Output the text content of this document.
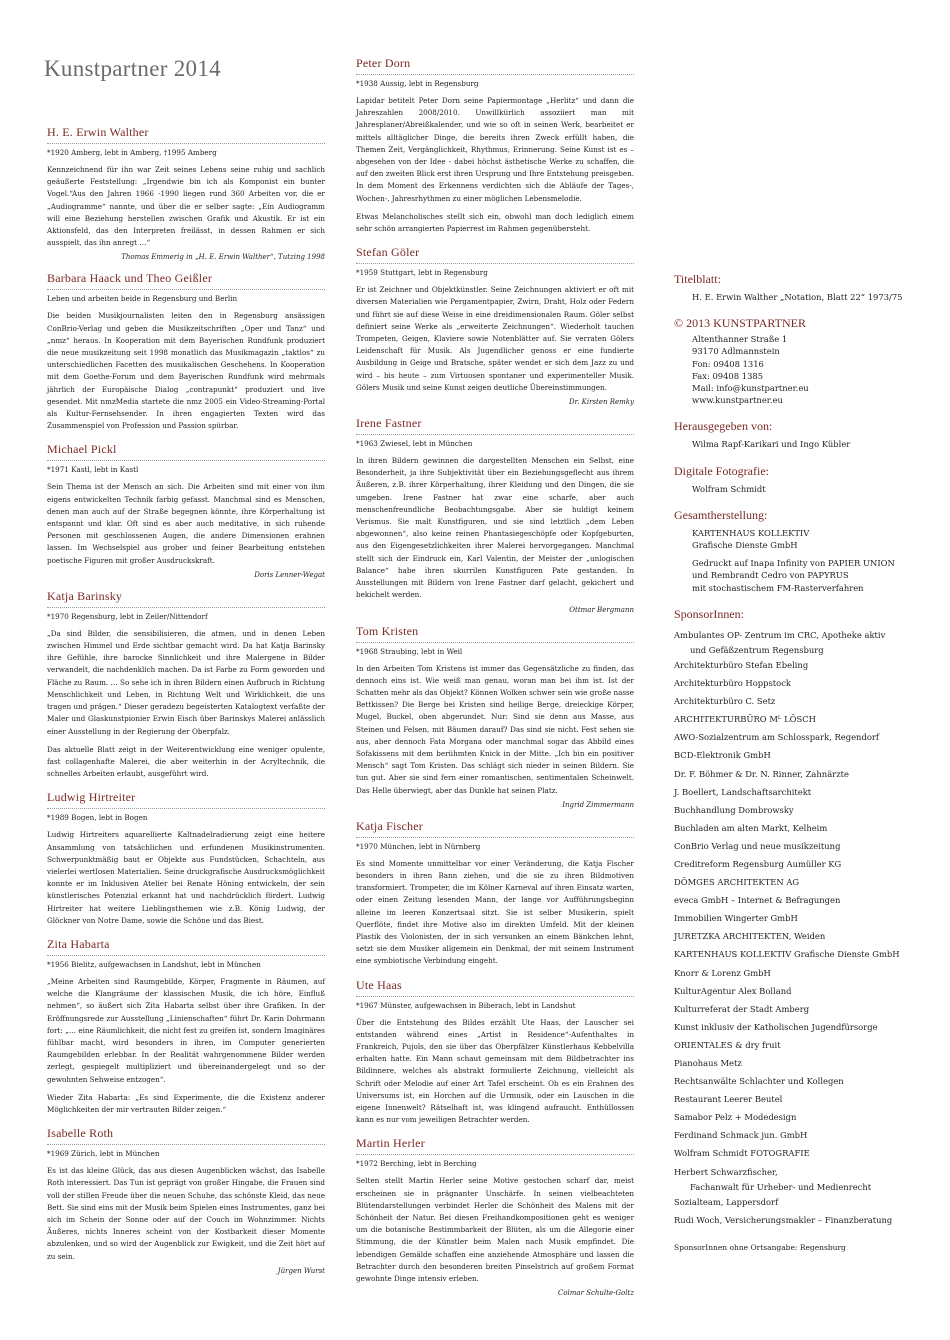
Kunstpartner 2014
H. E. Erwin Walther
*1920 Amberg, lebt in Amberg, †1995 Amberg

Kennzeichnend für ihn war Zeit seines Lebens seine ruhig und sachlich geäußerte Feststellung: „Irgendwie bin ich als Komponist ein bunter Vogel.“Aus den Jahren 1966 -1990 liegen rund 360 Arbeiten vor, die er „Audiogramme“ nannte, und über die er selber sagte: „Ein Audiogramm will eine Beziehung herstellen zwischen Grafik und Akustik. Er ist ein Aktionsfeld, das den Interpreten freilässt, in dessen Rahmen er sich ausspielt, das ihn anregt …“

Thomas Emmerig in „H. E. Erwin Walther“, Tutzing 1998
Barbara Haack und Theo Geißler
Leben und arbeiten beide in Regensburg und Berlin

Die beiden Musikjournalisten leiten den in Regensburg ansässigen ConBrio-Verlag und geben die Musikzeitschriften „Oper und Tanz“ und „nmz“ heraus. In Kooperation mit dem Bayerischen Rundfunk produziert die neue musikzeitung seit 1998 monatlich das Musikmagazin „taktlos“ zu unterschiedlichen Facetten des musikalischen Geschehens. In Kooperation mit dem Goethe-Forum und dem Bayerischen Rundfunk wird mehrmals jährlich der Europäische Dialog „contrapunkt“ produziert und live gesendet. Mit nmzMedia startete die nmz 2005 ein Video-Streaming-Portal als Kultur-Fernsehsender. In ihren engagierten Texten wird das Zusammenspiel von Profession und Passion spürbar.

Michael Pickl
*1971 Kastl, lebt in Kastl

Sein Thema ist der Mensch an sich. Die Arbeiten sind mit einer von ihm eigens entwickelten Technik farbig gefasst. Manchmal sind es Menschen, denen man auch auf der Straße begegnen könnte, ihre Körperhaltung ist entspannt und klar. Oft sind es aber auch meditative, in sich ruhende Personen mit geschlossenen Augen, die andere Dimensionen erahnen lassen. Im Wechselspiel aus grober und feiner Bearbeitung entstehen poetische Figuren mit großer Ausdruckskraft.

Doris Lenner-Wegat
Katja Barinsky
*1970 Regensburg, lebt in Zeiler/Nittendorf

„Da sind Bilder, die sensibilisieren, die atmen, und in denen Leben zwischen Himmel und Erde sichtbar gemacht wird. Da hat Katja Barinsky ihre Gefühle, ihre barocke Sinnlichkeit und ihre Malergene in Bilder verwandelt, die nachdenklich machen. Da ist Farbe zu Form geworden und Fläche zu Raum. … So sehe ich in ihren Bildern einen Aufbruch in Richtung Menschlichkeit und Leben, in Richtung Welt und Wirklichkeit, die uns tragen und prägen.“ Dieser geradezu begeisterten Katalogtext verfaßte der Maler und Glaskunstpionier Erwin Eisch über Barinskys Malerei anlässlich einer Ausstellung in der Regierung der Oberpfalz.

Das aktuelle Blatt zeigt in der Weiterentwicklung eine weniger opulente, fast collagenhafte Malerei, die aber weiterhin in der Acryltechnik, die schnelles Arbeiten erlaubt, ausgeführt wird.

Ludwig Hirtreiter
*1989 Bogen, lebt in Bogen

Ludwig Hirtreiters aquarellierte Kaltnadelradierung zeigt eine heitere Ansammlung von tatsächlichen und erfundenen Musikinstrumenten. Schwerpunktmäßig baut er Objekte aus Fundstücken, Schachteln, aus vielerlei wertlosen Materialien. Seine druckgrafische Ausdrucksmöglichkeit konnte er im Inklusiven Atelier bei Renate Höning entwickeln, der sein künstlerisches Potenzial erkannt hat und nachdrücklich fördert. Ludwig Hirtreiter hat weitere Lieblingsthemen wie z.B. König Ludwig, der Glöckner von Notre Dame, sowie die Schöne und das Biest.

Zita Habarta
*1956 Bielitz, aufgewachsen in Landshut, lebt in München

„Meine Arbeiten sind Raumgebilde, Körper, Fragmente in Räumen, auf welche die Klangräume der klassischen Musik, die ich höre, Einfluß nehmen“, so äußert sich Zita Habarta selbst über ihre Grafiken. In der Eröffnungsrede zur Ausstellung „Linienschaften“ führt Dr. Karin Dohrmann fort: „… eine Räumlichkeit, die nicht fest zu greifen ist, sondern Imaginäres fühlbar macht, wird besonders in ihren, im Computer generierten Raumgebilden erlebbar. In der Realität wahrgenommene Bilder werden zerlegt, gespiegelt multipliziert und übereinandergelegt und so der gewohnten Sehweise entzogen“.

Wieder Zita Habarta: „Es sind Experimente, die die Existenz anderer Möglichkeiten der mir vertrauten Bilder zeigen.“

Isabelle Roth
*1969 Zürich, lebt in München

Es ist das kleine Glück, das aus diesen Augenblicken wächst, das Isabelle Roth interessiert. Das Tun ist geprägt von großer Hingabe, die Frauen sind voll der stillen Freude über die neuen Schuhe, das schönste Kleid, das neue Bett. Sie sind eins mit der Musik beim Spielen eines Instrumentes, ganz bei sich im Schein der Sonne oder auf der Couch im Wohnzimmer. Nichts Äußeres, nichts Inneres scheint von der Kostbarkeit dieser Momente abzulenken, und so wird der Augenblick zur Ewigkeit, und die Zeit hört auf zu sein.

Jürgen Wurst
Peter Dorn
*1938 Aussig, lebt in Regensburg

Lapidar betitelt Peter Dorn seine Papiermontage „Herlitz“ und dann die Jahreszahlen 2008/2010. Unwillkürlich assoziiert man mit Jahresplaner/Abreißkalender, und wie so oft in seinen Werk, bearbeitet er mittels alltäglicher Dinge, die bereits ihren Zweck erfüllt haben, die Themen Zeit, Vergänglichkeit, Rhythmus, Erinnerung. Seine Kunst ist es – abgesehen von der Idee - dabei höchst ästhetische Werke zu schaffen, die auf den zweiten Blick erst ihren Ursprung und Ihre Entstehung preisgeben. In dem Moment des Erkennens verdichten sich die Abläufe der Tages-, Wochen-, Jahresrhythmen zu einer möglichen Lebensmelodie.

Etwas Melancholisches stellt sich ein, obwohl man doch lediglich einem sehr schön arrangierten Papierrest im Rahmen gegenübersteht.

Stefan Göler
*1959 Stuttgart, lebt in Regensburg

Er ist Zeichner und Objektkünstler. Seine Zeichnungen aktiviert er oft mit diversen Materialien wie Pergamentpapier, Zwirn, Draht, Holz oder Federn und führt sie auf diese Weise in eine dreidimensionalen Raum. Göler selbst definiert seine Werke als „erweiterte Zeichnungen“. Wiederholt tauchen Trompeten, Geigen, Klaviere sowie Notenblätter auf. Sie verraten Gölers Leidenschaft für Musik. Als Jugendlicher genoss er eine fundierte Ausbildung in Geige und Bratsche, später wendet er sich dem Jazz zu und wird – bis heute – zum Virtuosen spontaner und experimenteller Musik. Gölers Musik und seine Kunst zeigen deutliche Übereinstimmungen.

Dr. Kirsten Remky
Irene Fastner
*1963 Zwiesel, lebt in München

In ihren Bildern gewinnen die dargestellten Menschen ein Selbst, eine Besonderheit, ja ihre Subjektivität über ein Beziehungsgeflecht aus ihrem Äußeren, z.B. ihrer Körperhaltung, ihrer Kleidung und den Dingen, die sie umgeben. Irene Fastner hat zwar eine scharfe, aber auch menschenfreundliche Beobachtungsgabe. Aber sie huldigt keinem Verismus. Sie malt Kunstfiguren, und sie sind letztlich „dem Leben abgewonnen“, also keine reinen Phantasiegeschöpfe oder Kopfgeburten, aus den Eigengesetzlichkeiten ihrer Malerei hervorgegangen. Manchmal stellt sich der Eindruck ein, Karl Valentin, der Meister der „unlogischen Balance“ habe ihren skurrilen Kunstfiguren Pate gestanden. In Ausstellungen mit Bildern von Irene Fastner darf gelacht, gekichert und bekichelt werden.

Ottmar Bergmann
Tom Kristen
*1968 Straubing, lebt in Weil

In den Arbeiten Tom Kristens ist immer das Gegensätzliche zu finden, das dennoch eins ist. Wie weiß man genau, woran man bei ihm ist. Ist der Schatten mehr als das Objekt? Können Wolken schwer sein wie große nasse Bettkissen? Die Berge bei Kristen sind heilige Berge, dreieckige Körper, Mugel, Buckel, oben abgerundet. Nur: Sind sie denn aus Masse, aus Steinen und Felsen, mit Bäumen darauf? Das sind sie nicht. Fest sehen sie aus, aber dennoch Fata Morgana oder manchmal sogar das Abbild eines Sofakissens mit dem berühmten Knick in der Mitte. „Ich bin ein positiver Mensch“ sagt Tom Kristen. Das schlägt sich nieder in seinen Bildern. Sie tun gut. Aber sie sind fern einer romantischen, sentimentalen Scheinwelt. Das Helle überwiegt, aber das Dunkle hat seinen Platz.

Ingrid Zimmermann
Katja Fischer
*1970 München, lebt in Nürnberg

Es sind Momente unmittelbar vor einer Veränderung, die Katja Fischer besonders in ihren Bann ziehen, und die sie zu ihren Bildmotiven transformiert. Trompeter, die im Kölner Karneval auf ihren Einsatz warten, oder einen Zeitung lesenden Mann, der lange vor Aufführungsbeginn alleine im leeren Konzertsaal sitzt. Sie ist selber Musikerin, spielt Querflöte, findet ihre Motive also im direkten Umfeld. Mit der kleinen Plastik des Violonisten, der in sich versunken an einem Bänkchen lehnt, setzt sie dem Musiker allgemein ein Denkmal, der mit seinem Instrument eine symbiotische Verbindung eingeht.

Ute Haas
*1967 Münster, aufgewachsen in Biberach, lebt in Landshut

Über die Entstehung des Bildes erzählt Ute Haas, der Lauscher sei entstanden während eines „Artist in Residence“-Aufenthaltes in Frankreich, Pujols, den sie über das Oberpfälzer Künstlerhaus Kebbelvilla erhalten hatte. Ein Mann schaut gemeinsam mit dem Bildbetrachter ins Bildinnere, welches als abstrakt formulierte Zeichnung, vielleicht als Schrift oder Melodie auf einer Art Tafel erscheint. Ob es ein Erahnen des Universums ist, ein Horchen auf die Urmusik, oder ein Lauschen in die eigene Innenwelt? Rätselhaft ist, was klingend aufraucht. Enthüllossen kann es nur vom jeweiligen Betrachter werden.

Martin Herler
*1972 Berching, lebt in Berching

Selten stellt Martin Herler seine Motive gestochen scharf dar, meist erscheinen sie in prägnanter Unschärfe. In seinen vielbeachteten Blütendarstellungen verbindet Herler die Schönheit des Malens mit der Schönheit der Natur. Bei diesen Freihandkompositionen geht es weniger um die botanische Bestimmbarkeit der Blüten, als um die Allegorie einer Stimmung, die der Künstler beim Malen nach Musik empfindet. Die lebendigen Gemälde schaffen eine anziehende Atmosphäre und lassen die Betrachter durch den besonderen breiten Pinselstrich auf großem Format gewohnte Dinge intensiv erleben.

Colmar Schulte-Goltz
Titelblatt:
H. E. Erwin Walther „Notation, Blatt 22“ 1973/75
© 2013 KUNSTPARTNER
Altenthanner Straße 1
93170 Adlmannstein
Fon: 09408 1316
Fax: 09408 1385
Mail: info@kunstpartner.eu
www.kunstpartner.eu
Herausgegeben von:
Wilma Rapf-Karikari und Ingo Kübler
Digitale Fotografie:
Wolfram Schmidt
Gesamtherstellung:
KARTENHAUS KOLLEKTIV
Grafische Dienste GmbH
Gedruckt auf Inapa Infinity von PAPIER UNION
und Rembrandt Cedro von PAPYRUS
mit stochastischem FM-Rasterverfahren
SponsorInnen:
Ambulantes OP- Zentrum im CRC, Apotheke aktiv
und Gefäßzentrum Regensburg
Architekturbüro Stefan Ebeling
Architekturbüro Hoppstock
Architekturbüro C. Setz
ARCHITEKTURBÜRO Mᴸ LÖSCH
AWO-Sozialzentrum am Schlosspark, Regendorf
BCD-Elektronik GmbH
Dr. F. Böhmer & Dr. N. Rinner, Zahnärzte
J. Boellert, Landschaftsarchitekt
Buchhandlung Dombrowsky
Buchladen am alten Markt, Kelheim
ConBrio Verlag und neue musikzeitung
Creditreform Regensburg Aumüller KG
DÖMGES ARCHITEKTEN AG
eveca GmbH – Internet & Befragungen
Immobilien Wingerter GmbH
JURETZKA ARCHITEKTEN, Weiden
KARTENHAUS KOLLEKTIV Grafische Dienste GmbH
Knorr & Lorenz GmbH
KulturAgentur Alex Bolland
Kulturreferat der Stadt Amberg
Kunst inklusiv der Katholischen Jugendfürsorge
ORIENTALES & dry fruit
Pianohaus Metz
Rechtsanwälte Schlachter und Kollegen
Restaurant Leerer Beutel
Samabor Pelz + Modedesign
Ferdinand Schmack jun. GmbH
Wolfram Schmidt FOTOGRAFIE
Herbert Schwarzfischer,
Fachanwalt für Urheber- und Medienrecht
Sozialteam, Lappersdorf
Rudi Woch, Versicherungsmakler – Finanzberatung
SponsorInnen ohne Ortsangabe: Regensburg
